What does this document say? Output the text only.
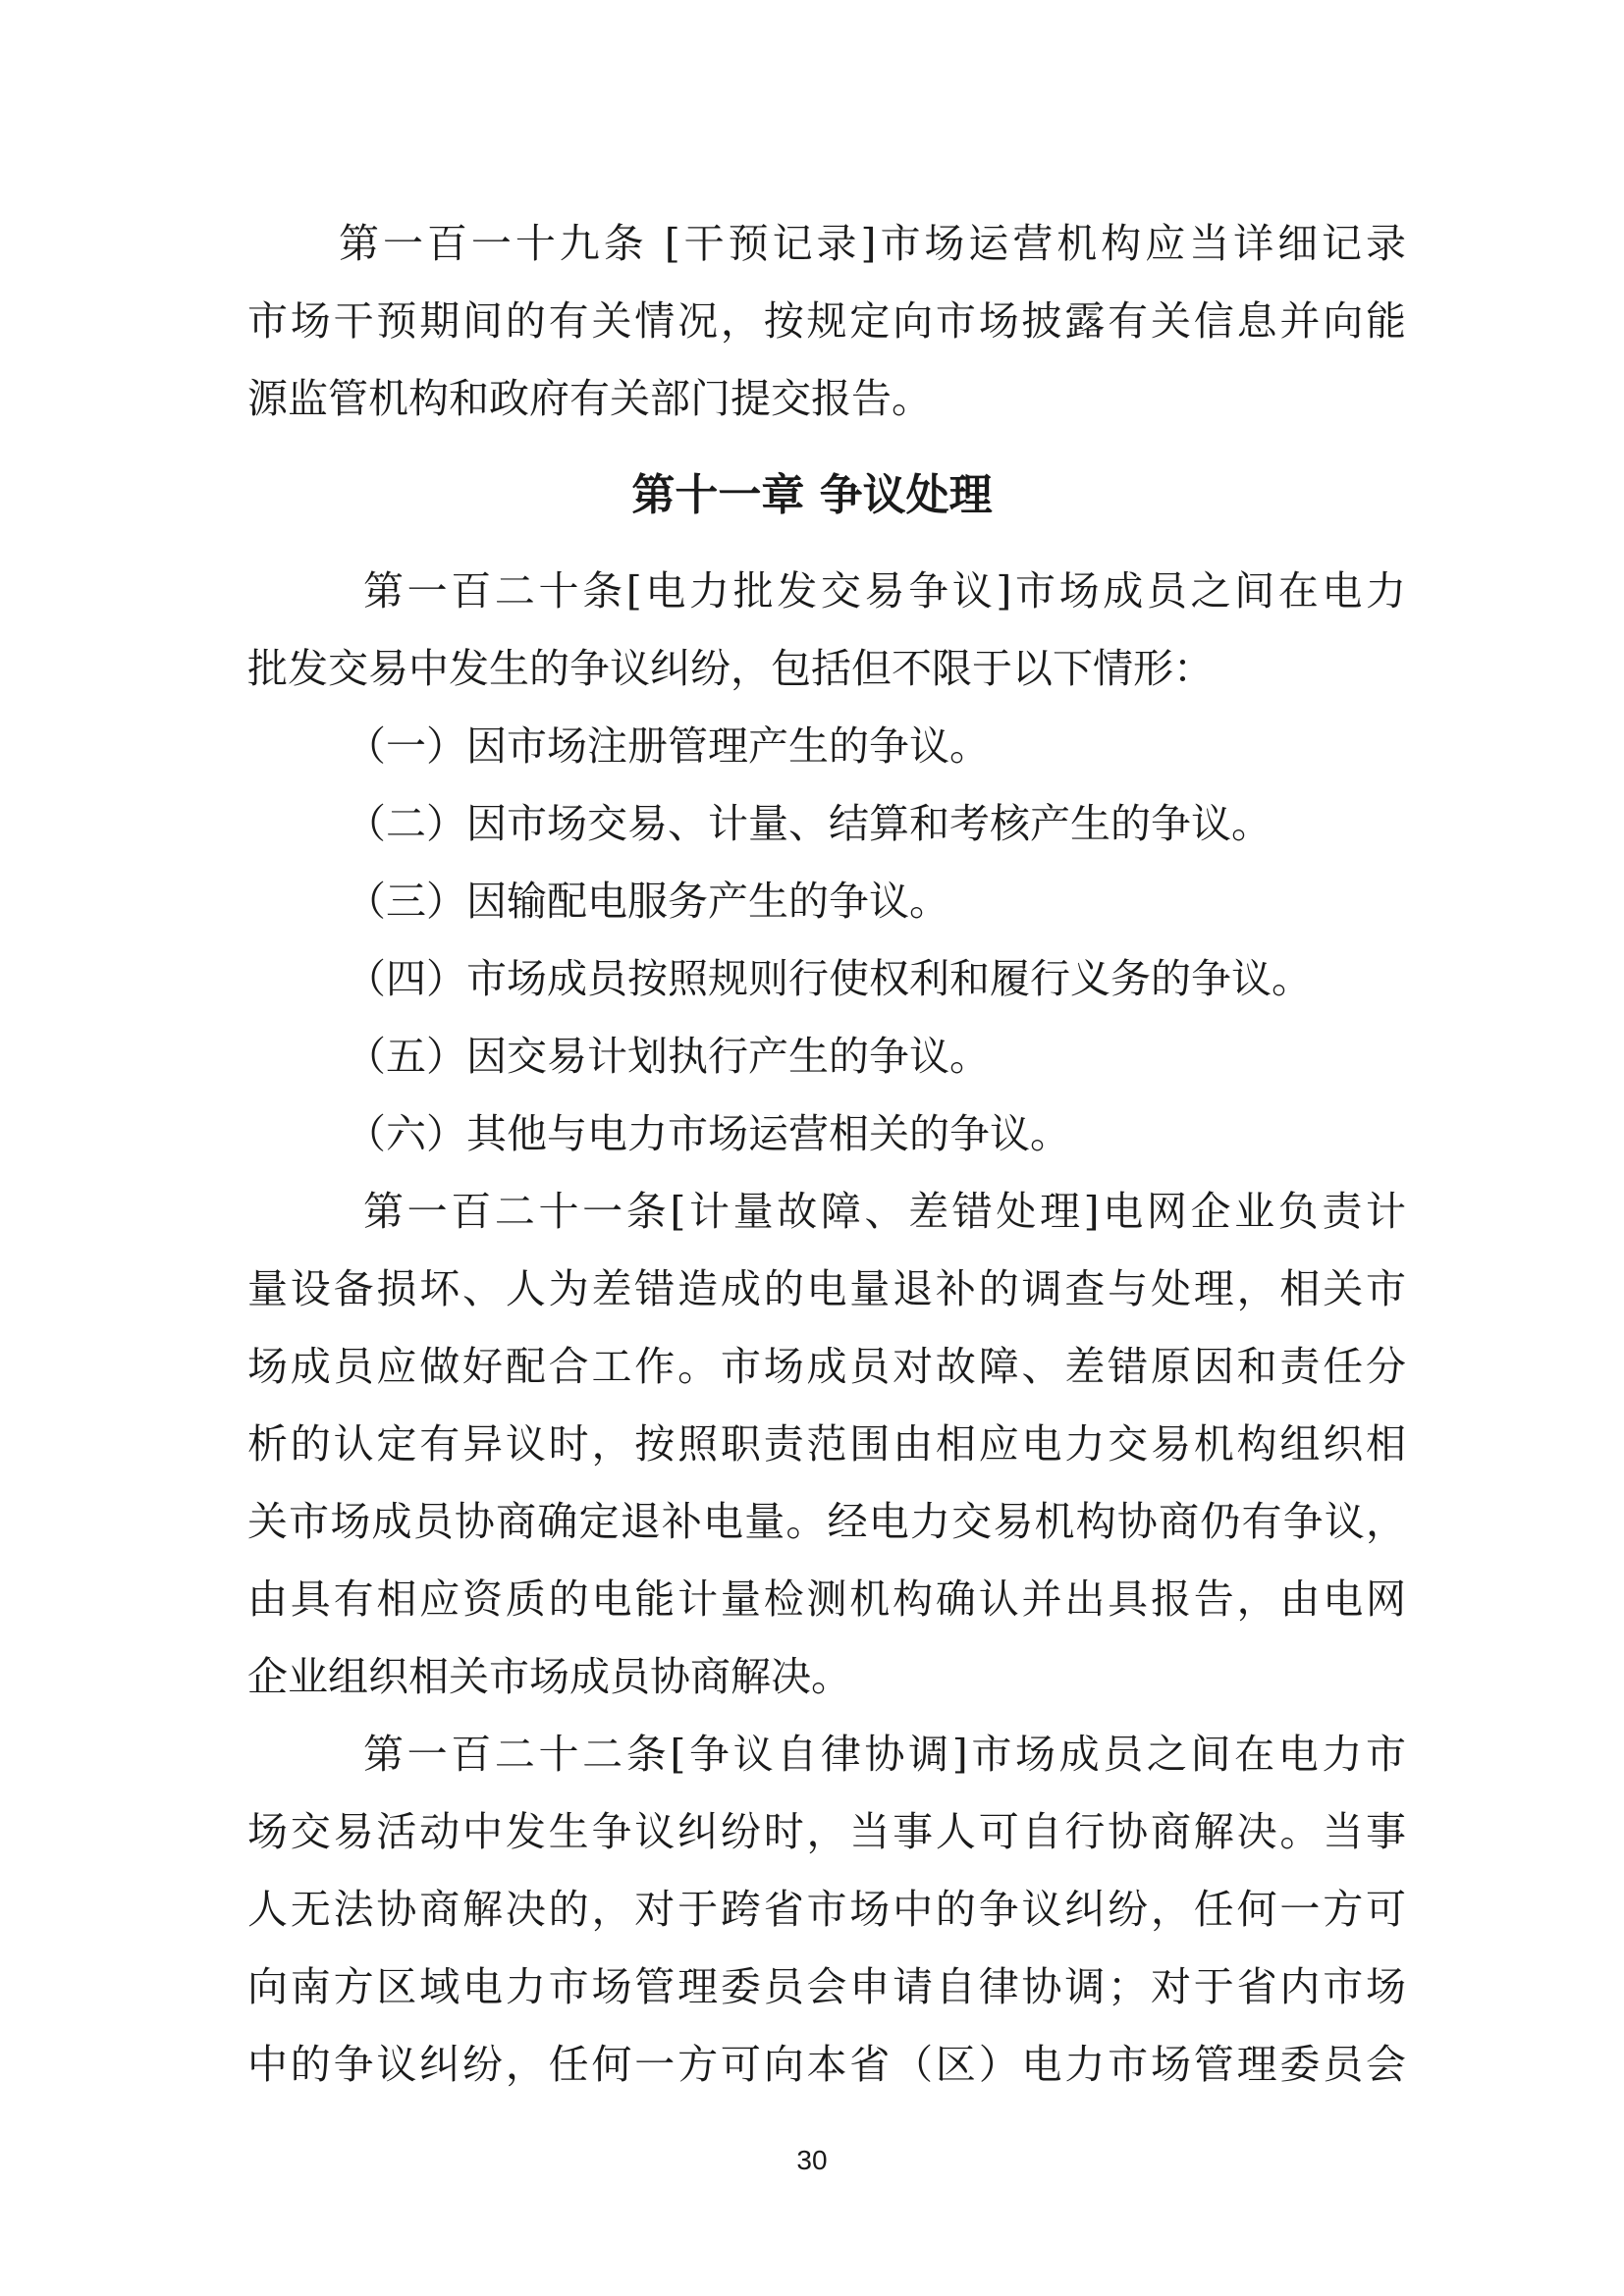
第一百一十九条 [干预记录]市场运营机构应当详细记录
市场干预期间的有关情况，按规定向市场披露有关信息并向能
源监管机构和政府有关部门提交报告。
第十一章 争议处理
第一百二十条[电力批发交易争议]市场成员之间在电力
批发交易中发生的争议纠纷，包括但不限于以下情形：
（一）因市场注册管理产生的争议。
（二）因市场交易、计量、结算和考核产生的争议。
（三）因输配电服务产生的争议。
（四）市场成员按照规则行使权利和履行义务的争议。
（五）因交易计划执行产生的争议。
（六）其他与电力市场运营相关的争议。
第一百二十一条[计量故障、差错处理]电网企业负责计
量设备损坏、人为差错造成的电量退补的调查与处理，相关市
场成员应做好配合工作。市场成员对故障、差错原因和责任分
析的认定有异议时，按照职责范围由相应电力交易机构组织相
关市场成员协商确定退补电量。经电力交易机构协商仍有争议，
由具有相应资质的电能计量检测机构确认并出具报告，由电网
企业组织相关市场成员协商解决。
第一百二十二条[争议自律协调]市场成员之间在电力市
场交易活动中发生争议纠纷时，当事人可自行协商解决。当事
人无法协商解决的，对于跨省市场中的争议纠纷，任何一方可
向南方区域电力市场管理委员会申请自律协调；对于省内市场
中的争议纠纷，任何一方可向本省（区）电力市场管理委员会
30
